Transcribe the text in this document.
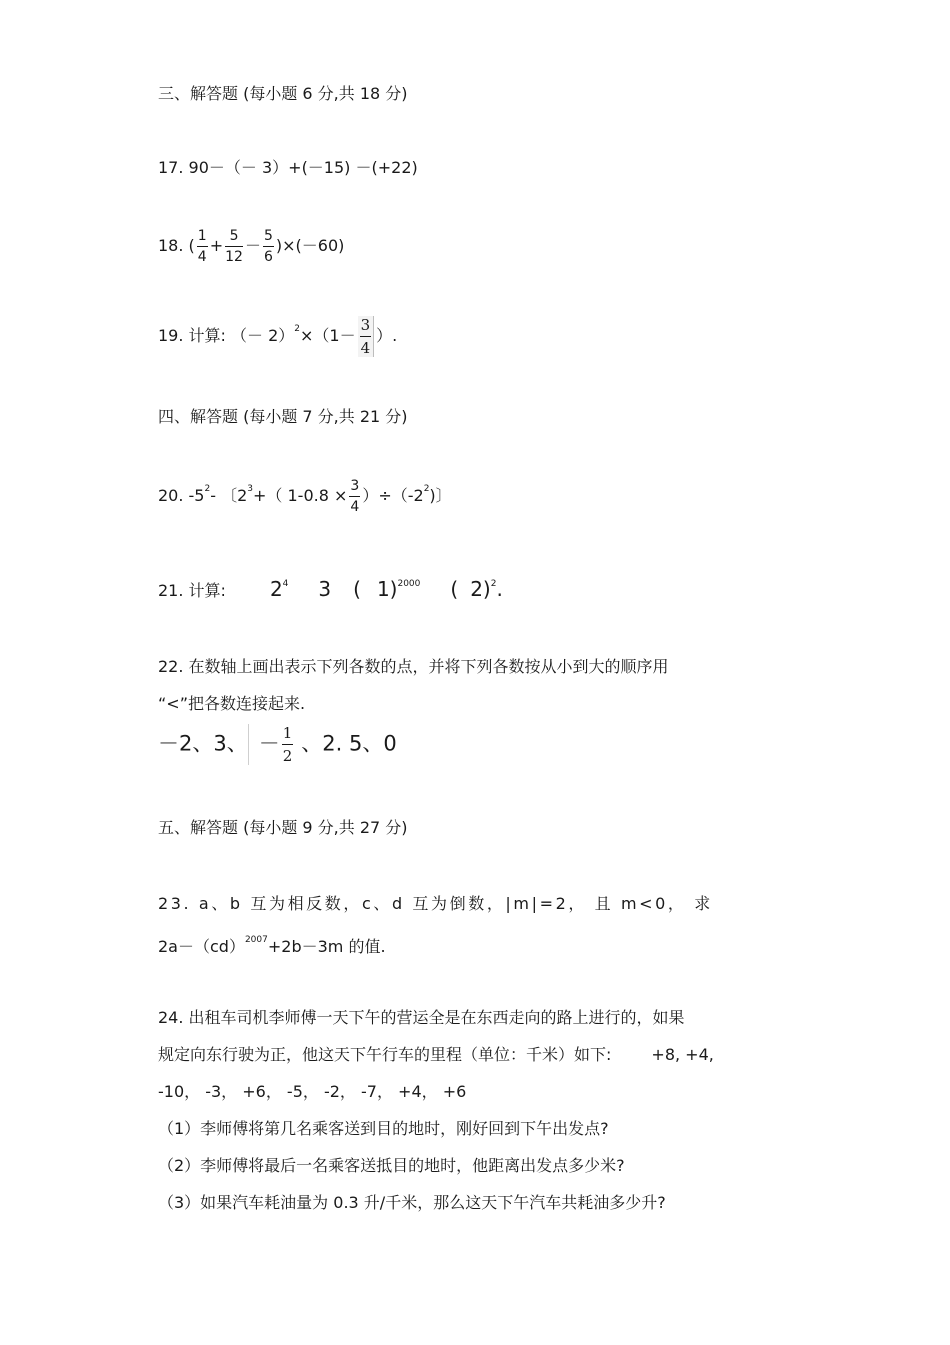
三、解答题 (每小题 6 分,共 18 分)
17. 90－（－ 3）+(－15) －(+22)
18. ( $\frac{1}{4} + \frac{5}{12} - \frac{5}{6} )\times(-60)$
19. 计算: （－ $2)^2\times(1- \frac{3}{4}$ ）.
四、解答题 (每小题 7 分,共 21 分)
20. $-5^2-$ 〔$2^3+$（ $1-0.8 \times \frac{3}{4} )\div(-2^2)$〕
21. 计算: $2^4$ 3 ( 1)$^{2000}$ ( 2)$^2$.
22. 在数轴上画出表示下列各数的点，并将下列各数按从小到大的顺序用
“<”把各数连接起来.
－2、3、 － $\frac{1}{2}$ 、2. 5、0
五、解答题 (每小题 9 分,共 27 分)
23. a、b 互为相反数，c、d 互为倒数，|m|=2， 且 m<0， 求
2a－（cd）$^{2007}$+2b－3m 的值.
24. 出租车司机李师傅一天下午的营运全是在东西走向的路上进行的，如果
规定向东行驶为正，他这天下午行车的里程（单位：千米）如下:	+8, +4,
-10， -3， +6， -5， -2， -7， +4， +6
（1）李师傅将第几名乘客送到目的地时，刚好回到下午出发点?
（2）李师傅将最后一名乘客送抵目的地时，他距离出发点多少米?
（3）如果汽车耗油量为 0.3 升/千米，那么这天下午汽车共耗油多少升?
